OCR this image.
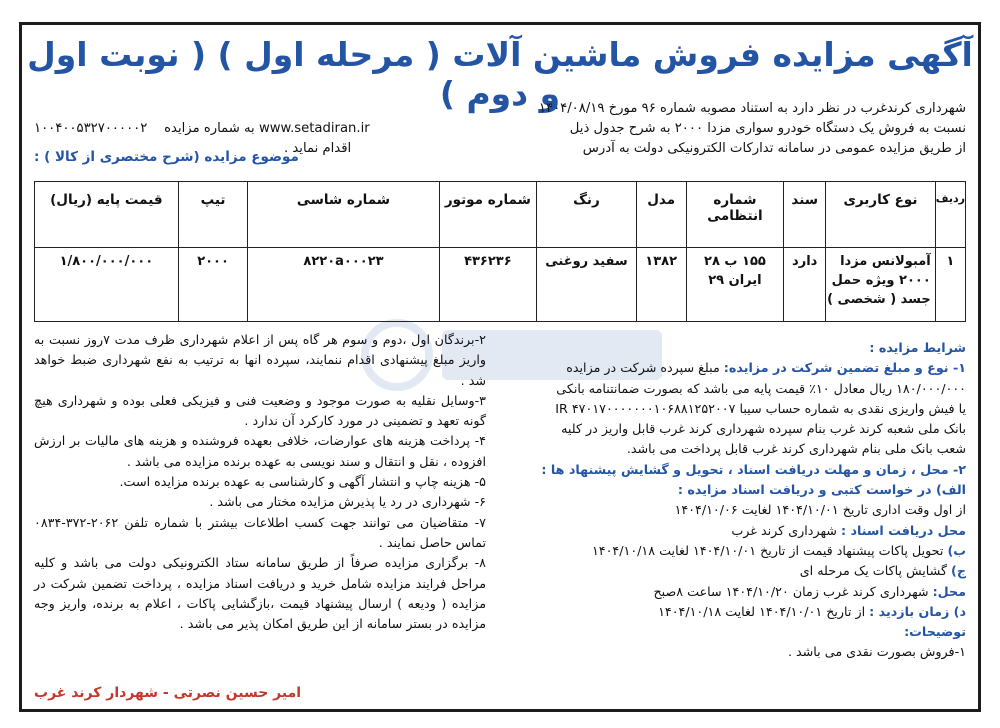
آگهی مزایده فروش ماشین آلات ( مرحله اول ) ( نوبت اول و دوم )
شهرداری کرندغرب در نظر دارد به استناد مصوبه شماره ۹۶ مورخ ۱۴۰۴/۰۸/۱۹
نسبت به فروش یک دستگاه خودرو سواری مزدا ۲۰۰۰ به شرح جدول ذیل
۱۰۰۴۰۰۵۳۲۷۰۰۰۰۰۲ به شماره مزایده www.setadiran.ir
از طریق مزایده عمومی در سامانه تدارکات الکترونیکی دولت به آدرس
اقدام نماید .
موضوع مزایده (شرح مختصری از کالا ) :
ردیف	نوع کاربری	سند	شماره انتظامی	مدل	رنگ	شماره موتور	شماره شاسی	تیپ	قیمت پایه (ریال)
۱	آمبولانس مزدا ۲۰۰۰ ویژه حمل جسد ( شخصی )	دارد	۱۵۵ ب ۲۸
ایران ۲۹	۱۳۸۲	سفید روغنی	۴۳۶۲۳۶	۸۲۲۰a۰۰۰۲۳	۲۰۰۰	۱/۸۰۰/۰۰۰/۰۰۰
شرایط مزایده :
۱- نوع و مبلغ تضمین شرکت در مزایده: مبلغ سپرده شرکت در مزایده
۱۸۰/۰۰۰/۰۰۰ ریال معادل ۱۰٪ قیمت پایه می باشد که بصورت ضمانتنامه بانکی
یا فیش واریزی نقدی به شماره حساب سیبا IR ۴۷۰۱۷۰۰۰۰۰۰۰۱۰۶۸۸۱۲۵۲۰۰۷
بانک ملی شعبه کرند غرب بنام سپرده شهرداری کرند غرب قابل واریز در کلیه
شعب بانک ملی بنام شهرداری کرند غرب قابل پرداخت می باشد.
۲- محل ، زمان و مهلت دریافت اسناد ، تحویل و گشایش پیشنهاد ها :
الف) در خواست کتبی و دریافت اسناد مزایده :
از اول وقت اداری تاریخ ۱۴۰۴/۱۰/۰۱ لغایت ۱۴۰۴/۱۰/۰۶
محل دریافت اسناد : شهرداری کرند غرب
ب) تحویل پاکات پیشنهاد قیمت از تاریخ ۱۴۰۴/۱۰/۰۱ لغایت ۱۴۰۴/۱۰/۱۸
ج) گشایش پاکات یک مرحله ای
محل: شهرداری کرند غرب زمان ۱۴۰۴/۱۰/۲۰ ساعت ۸صبح
د) زمان بازدید : از تاریخ ۱۴۰۴/۱۰/۰۱ لغایت ۱۴۰۴/۱۰/۱۸
توضیحات:
۱-فروش بصورت نقدی می باشد .
۲-برندگان اول ،دوم و سوم هر گاه پس از اعلام شهرداری ظرف مدت ۷روز نسبت به واریز مبلغ پیشنهادی اقدام ننمایند، سپرده انها به ترتیب به نفع شهرداری ضبط خواهد شد .
۳-وسایل نقلیه به صورت موجود و وضعیت فنی و فیزیکی فعلی بوده و شهرداری هیچ گونه تعهد و تضمینی در مورد کارکرد آن ندارد .
۴- پرداخت هزینه های عوارضات، خلافی بعهده فروشنده و هزینه های مالیات بر ارزش افزوده ، نقل و انتقال و سند نویسی به عهده برنده مزایده می باشد .
۵- هزینه چاپ و انتشار آگهی و کارشناسی به عهده برنده مزایده است.
۶- شهرداری در رد یا پذیرش مزایده مختار می باشد .
۷- متقاضیان می توانند جهت کسب اطلاعات بیشتر با شماره تلفن ۲۰۶۲-۳۷۲-۰۸۳۴ تماس حاصل نمایند .
۸- برگزاری مزایده صرفاً از طریق سامانه ستاد الکترونیکی دولت می باشد و کلیه مراحل فرایند مزایده شامل خرید و دریافت اسناد مزایده ، پرداخت تضمین شرکت در مزایده ( ودیعه ) ارسال پیشنهاد قیمت ،بازگشایی پاکات ، اعلام به برنده، واریز وجه مزایده در بستر سامانه از این طریق امکان پذیر می باشد .
امیر حسین نصرتی - شهردار کرند غرب
